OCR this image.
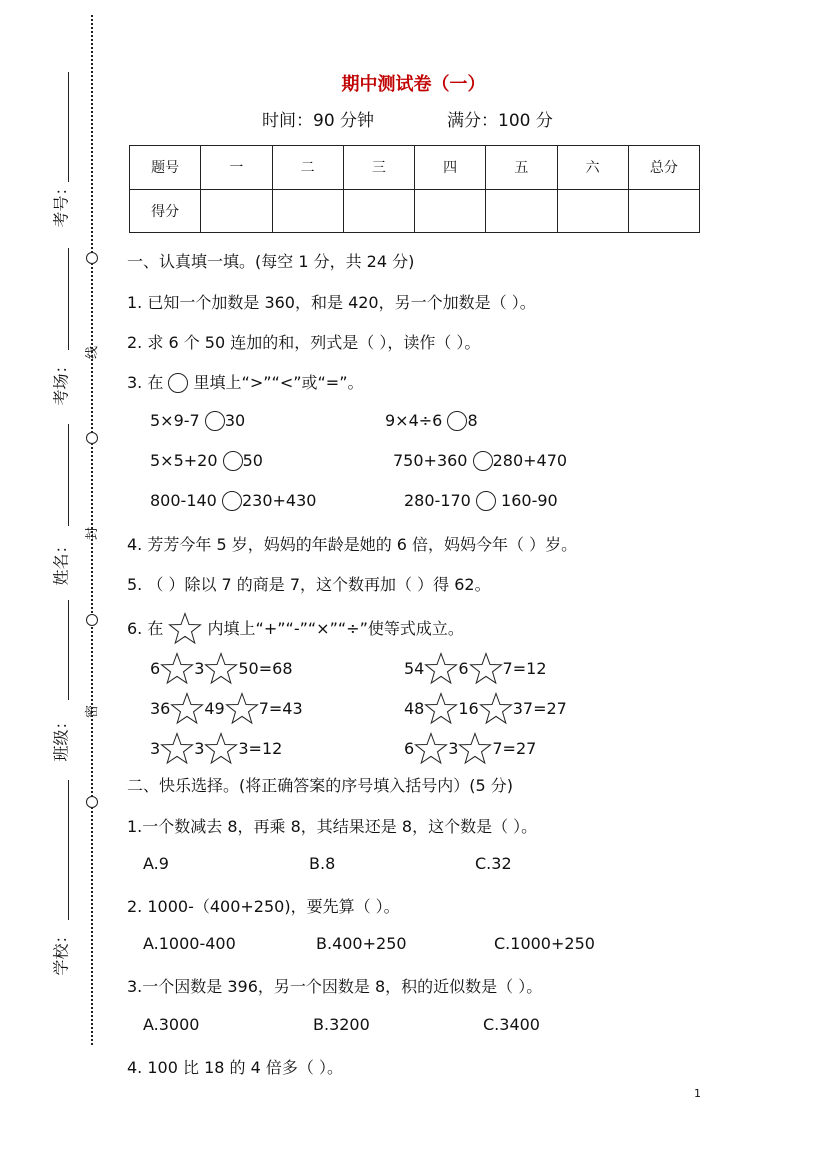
考号：
考场：
姓名：
班级：
学校：
线
封
密
期中测试卷（一）
时间：90 分钟	满分：100 分
题号	一	二	三	四	五	六	总分
得分							
一、认真填一填。(每空 1 分，共 24 分)
1. 已知一个加数是 360，和是 420，另一个加数是（ ）。
2. 求 6 个 50 连加的和，列式是（ ），读作（ ）。
3. 在 里填上“>”“<”或“=”。
5×9-7 30	9×4÷6 8
5×5+20 50	750+360 280+470
800-140 230+430	280-170  160-90
4. 芳芳今年 5 岁，妈妈的年龄是她的 6 倍，妈妈今年（ ）岁。
5. （ ）除以 7 的商是 7，这个数再加（ ）得 62。
6. 在	内填上“+”“-”“×”“÷”使等式成立。
6 3 50=68	54 6 7=12
36 49 7=43	48 16 37=27
3 3 3=12	6 3 7=27
二、快乐选择。(将正确答案的序号填入括号内）(5 分)
1.一个数减去 8，再乘 8，其结果还是 8，这个数是（ ）。
A.9	B.8	C.32
2. 1000-（400+250)，要先算（ ）。
A.1000-400	B.400+250	C.1000+250
3.一个因数是 396，另一个因数是 8，积的近似数是（ ）。
A.3000	B.3200	C.3400
4. 100 比 18 的 4 倍多（ ）。
1
